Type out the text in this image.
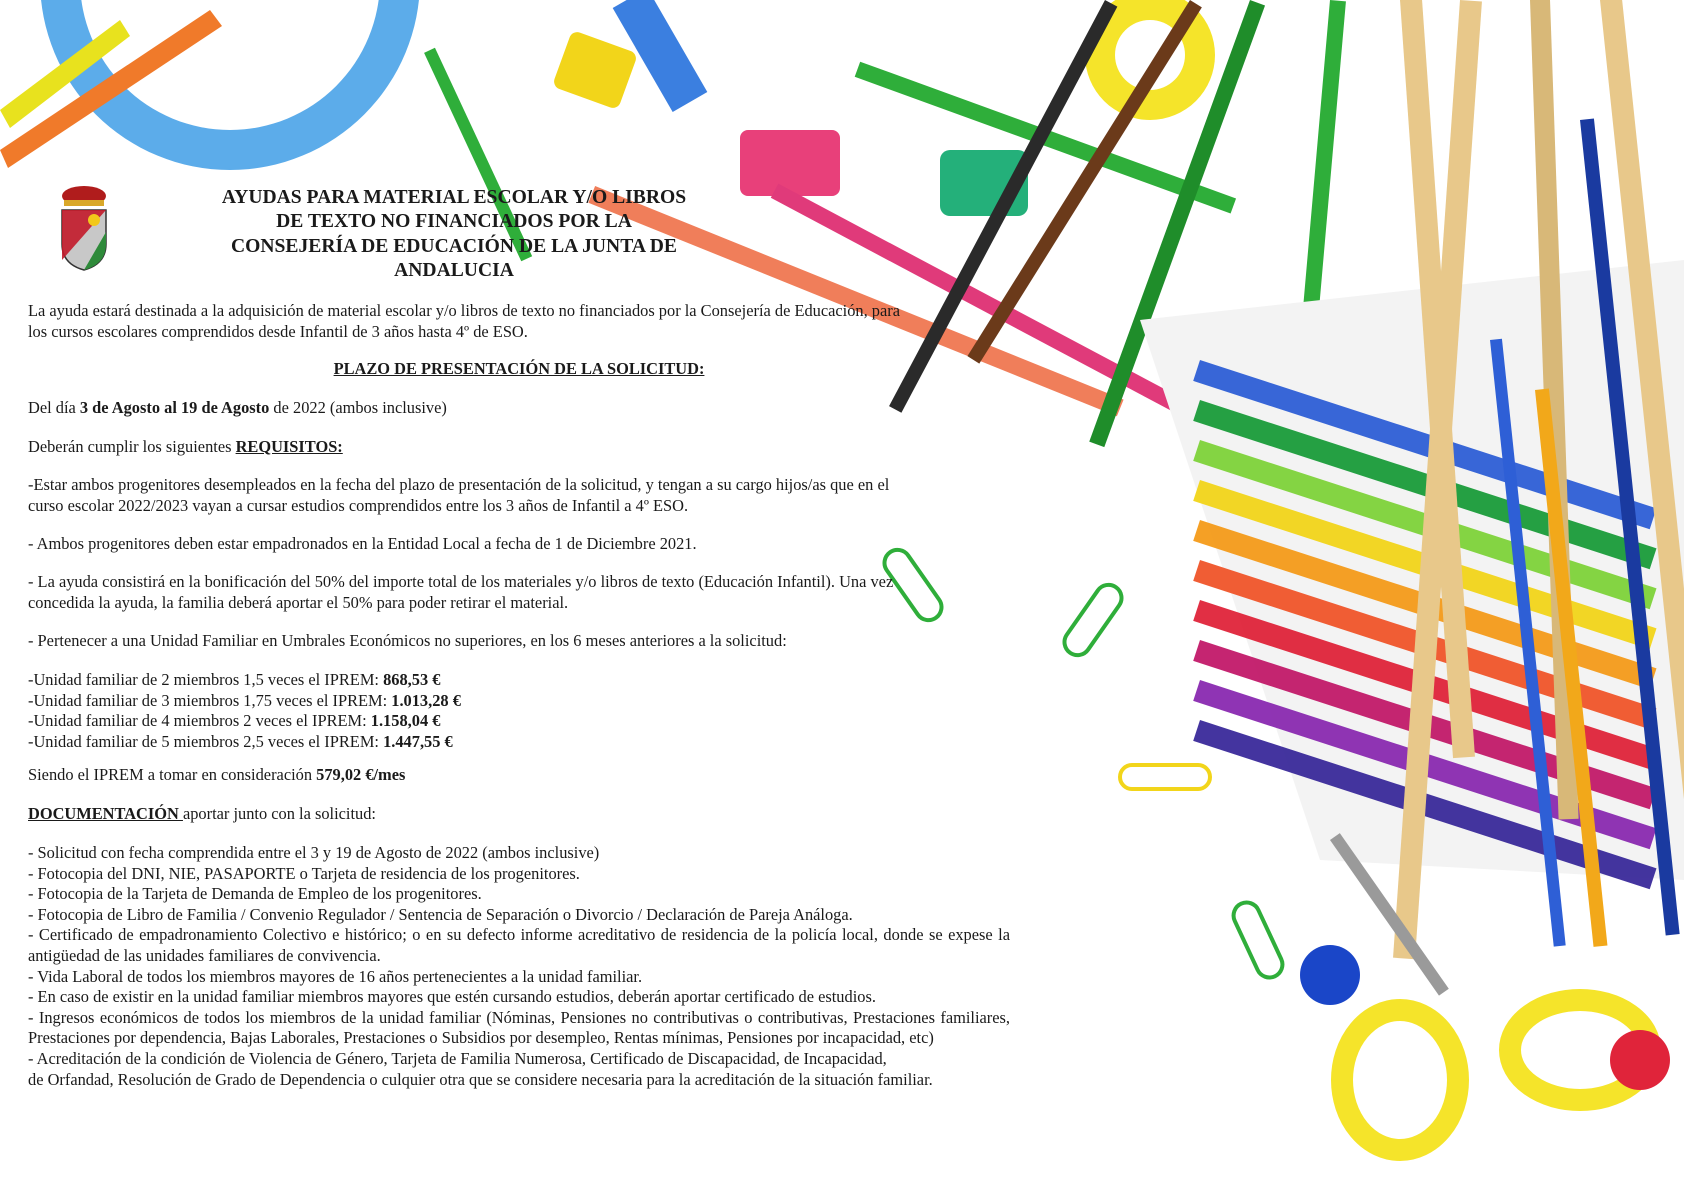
AYUDAS PARA MATERIAL ESCOLAR Y/O LIBROS
DE TEXTO NO FINANCIADOS POR LA
CONSEJERÍA DE EDUCACIÓN DE LA JUNTA DE
ANDALUCIA

La ayuda estará destinada a la adquisición de material escolar y/o libros de texto no financiados por la Consejería de Educación, para
los cursos escolares comprendidos desde Infantil de 3 años hasta 4º de ESO.

PLAZO DE PRESENTACIÓN DE LA SOLICITUD:

Del día 3 de Agosto al 19 de Agosto de 2022 (ambos inclusive)

Deberán cumplir los siguientes REQUISITOS:

-Estar ambos progenitores desempleados en la fecha del plazo de presentación de la solicitud, y tengan a su cargo hijos/as que en el
curso escolar 2022/2023 vayan a cursar estudios comprendidos entre los 3 años de Infantil a 4º ESO.

- Ambos progenitores deben estar empadronados en la Entidad Local a fecha de 1 de Diciembre 2021.

- La ayuda consistirá en la bonificación del 50% del importe total de los materiales y/o libros de texto (Educación Infantil). Una vez
concedida la ayuda, la familia deberá aportar el 50% para poder retirar el material.

- Pertenecer a una Unidad Familiar en Umbrales Económicos no superiores, en los 6 meses anteriores a la solicitud:

-Unidad familiar de 2 miembros 1,5 veces el IPREM: 868,53 €
-Unidad familiar de 3 miembros 1,75 veces el IPREM: 1.013,28 €
-Unidad familiar de 4 miembros 2 veces el IPREM: 1.158,04 €
-Unidad familiar de 5 miembros 2,5 veces el IPREM: 1.447,55 €

Siendo el IPREM a tomar en consideración 579,02 €/mes

DOCUMENTACIÓN aportar junto con la solicitud:

- Solicitud con fecha comprendida entre el 3 y 19 de Agosto de 2022 (ambos inclusive)
- Fotocopia del DNI, NIE, PASAPORTE o Tarjeta de residencia de los progenitores.
- Fotocopia de la Tarjeta de Demanda de Empleo de los progenitores.
- Fotocopia de Libro de Familia / Convenio Regulador / Sentencia de Separación o Divorcio / Declaración de Pareja Análoga.
- Certificado de empadronamiento Colectivo e histórico; o en su defecto informe acreditativo de residencia de la policía local, donde se expese la antigüedad de las unidades familiares de convivencia.
- Vida Laboral de todos los miembros mayores de 16 años pertenecientes a la unidad familiar.
- En caso de existir en la unidad familiar miembros mayores que estén cursando estudios, deberán aportar certificado de estudios.
- Ingresos económicos de todos los miembros de la unidad familiar (Nóminas, Pensiones no contributivas o contributivas, Prestaciones familiares, Prestaciones por dependencia, Bajas Laborales, Prestaciones o Subsidios por desempleo, Rentas mínimas, Pensiones por incapacidad, etc)
- Acreditación de la condición de Violencia de Género, Tarjeta de Familia Numerosa, Certificado de Discapacidad, de Incapacidad,
de Orfandad, Resolución de Grado de Dependencia o culquier otra que se considere necesaria para la acreditación de la situación familiar.
